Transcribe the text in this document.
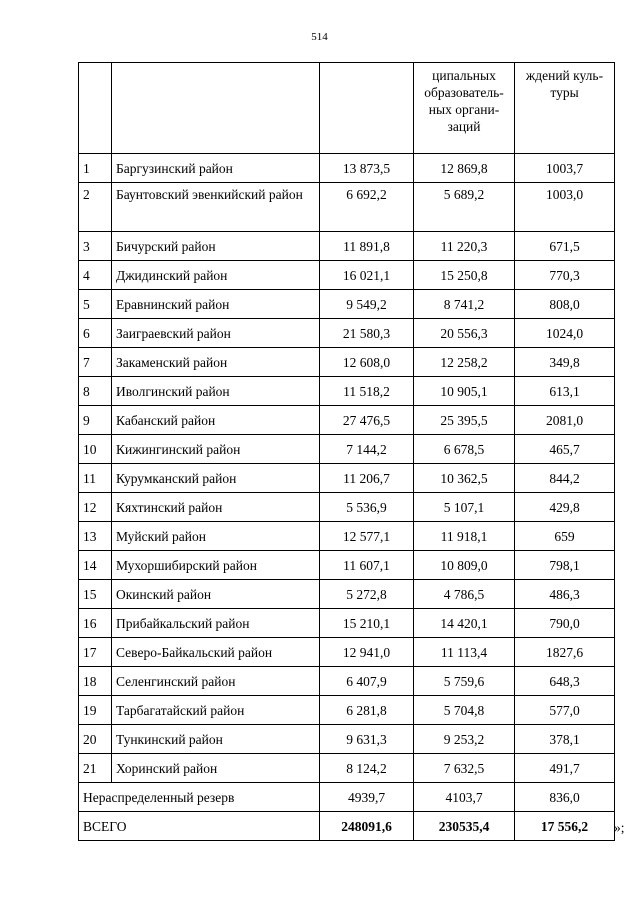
514
			ципальных образователь-ных органи-заций	ждений куль-туры
1	Баргузинский район	13 873,5	12 869,8	1003,7
2	Баунтовский эвенкийский район	6 692,2	5 689,2	1003,0
3	Бичурский район	11 891,8	11 220,3	671,5
4	Джидинский район	16 021,1	15 250,8	770,3
5	Еравнинский район	9 549,2	8 741,2	808,0
6	Заиграевский район	21 580,3	20 556,3	1024,0
7	Закаменский район	12 608,0	12 258,2	349,8
8	Иволгинский район	11 518,2	10 905,1	613,1
9	Кабанский район	27 476,5	25 395,5	2081,0
10	Кижингинский район	7 144,2	6 678,5	465,7
11	Курумканский район	11 206,7	10 362,5	844,2
12	Кяхтинский район	5 536,9	5 107,1	429,8
13	Муйский район	12 577,1	11 918,1	659
14	Мухоршибирский район	11 607,1	10 809,0	798,1
15	Окинский район	5 272,8	4 786,5	486,3
16	Прибайкальский район	15 210,1	14 420,1	790,0
17	Северо-Байкальский район	12 941,0	11 113,4	1827,6
18	Селенгинский район	6 407,9	5 759,6	648,3
19	Тарбагатайский район	6 281,8	5 704,8	577,0
20	Тункинский район	9 631,3	9 253,2	378,1
21	Хоринский район	8 124,2	7 632,5	491,7
Нераспределенный резерв		4939,7	4103,7	836,0
ВСЕГО		248091,6	230535,4	17 556,2 »;
